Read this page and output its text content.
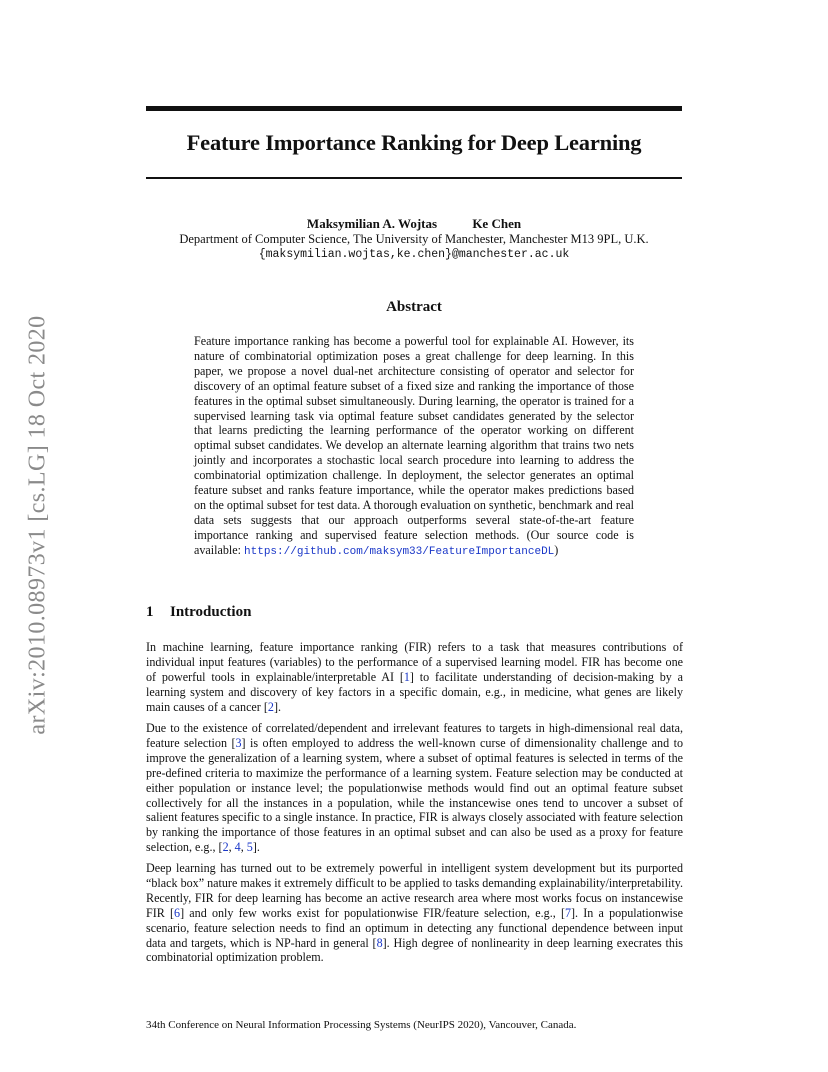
Feature Importance Ranking for Deep Learning
Maksymilian A. Wojtas	Ke Chen
Department of Computer Science, The University of Manchester, Manchester M13 9PL, U.K.
{maksymilian.wojtas,ke.chen}@manchester.ac.uk
arXiv:2010.08973v1 [cs.LG] 18 Oct 2020
Abstract
Feature importance ranking has become a powerful tool for explainable AI. However, its nature of combinatorial optimization poses a great challenge for deep learning. In this paper, we propose a novel dual-net architecture consisting of operator and selector for discovery of an optimal feature subset of a fixed size and ranking the importance of those features in the optimal subset simultaneously. During learning, the operator is trained for a supervised learning task via optimal feature subset candidates generated by the selector that learns predicting the learning performance of the operator working on different optimal subset candidates. We develop an alternate learning algorithm that trains two nets jointly and incorporates a stochastic local search procedure into learning to address the combinatorial optimization challenge. In deployment, the selector generates an optimal feature subset and ranks feature importance, while the operator makes predictions based on the optimal subset for test data. A thorough evaluation on synthetic, benchmark and real data sets suggests that our approach outperforms several state-of-the-art feature importance ranking and supervised feature selection methods. (Our source code is available: https://github.com/maksym33/FeatureImportanceDL)
1 Introduction
In machine learning, feature importance ranking (FIR) refers to a task that measures contributions of individual input features (variables) to the performance of a supervised learning model. FIR has become one of powerful tools in explainable/interpretable AI [1] to facilitate understanding of decision-making by a learning system and discovery of key factors in a specific domain, e.g., in medicine, what genes are likely main causes of a cancer [2].
Due to the existence of correlated/dependent and irrelevant features to targets in high-dimensional real data, feature selection [3] is often employed to address the well-known curse of dimensionality challenge and to improve the generalization of a learning system, where a subset of optimal features is selected in terms of the pre-defined criteria to maximize the performance of a learning system. Feature selection may be conducted at either population or instance level; the populationwise methods would find out an optimal feature subset collectively for all the instances in a population, while the instancewise ones tend to uncover a subset of salient features specific to a single instance. In practice, FIR is always closely associated with feature selection by ranking the importance of those features in an optimal subset and can also be used as a proxy for feature selection, e.g., [2, 4, 5].
Deep learning has turned out to be extremely powerful in intelligent system development but its purported “black box” nature makes it extremely difficult to be applied to tasks demanding explainability/interpretability. Recently, FIR for deep learning has become an active research area where most works focus on instancewise FIR [6] and only few works exist for populationwise FIR/feature selection, e.g., [7]. In a populationwise scenario, feature selection needs to find an optimum in detecting any functional dependence between input data and targets, which is NP-hard in general [8]. High degree of nonlinearity in deep learning execrates this combinatorial optimization problem.
34th Conference on Neural Information Processing Systems (NeurIPS 2020), Vancouver, Canada.
